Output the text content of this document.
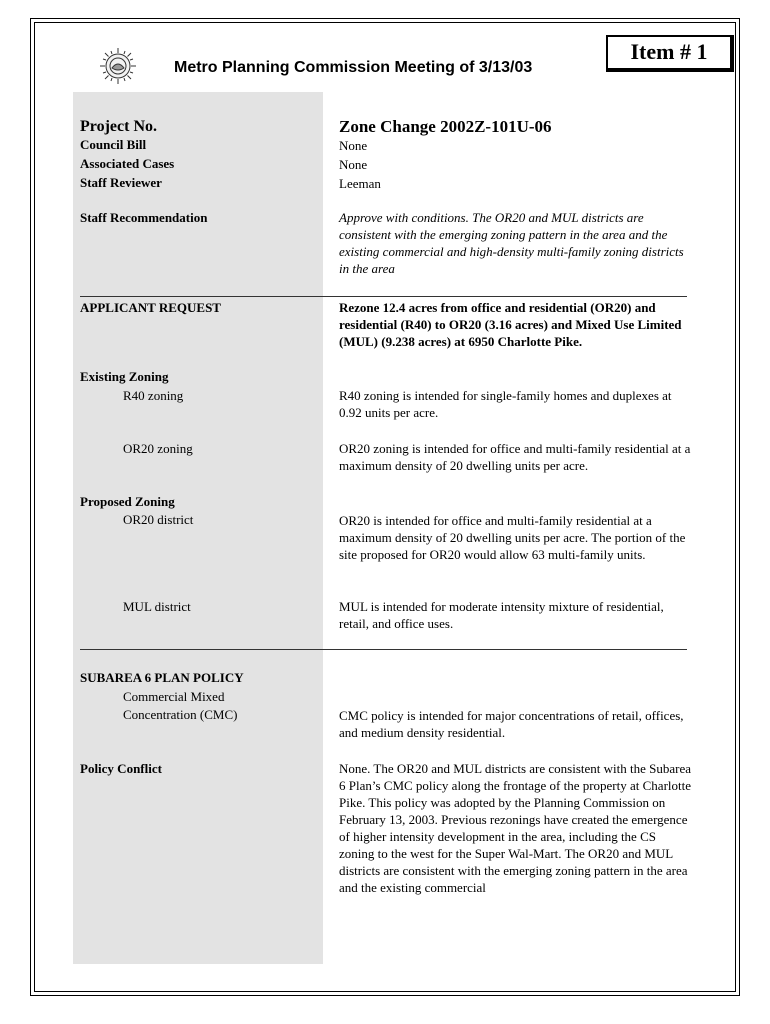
Metro Planning Commission Meeting of 3/13/03
Item # 1
Project No.	Zone Change 2002Z-101U-06
Council Bill	None
Associated Cases	None
Staff Reviewer	Leeman
Staff Recommendation	Approve with conditions. The OR20 and MUL districts are consistent with the emerging zoning pattern in the area and the existing commercial and high-density multi-family zoning districts in the area
APPLICANT REQUEST	Rezone 12.4 acres from office and residential (OR20) and residential (R40) to OR20 (3.16 acres) and Mixed Use Limited (MUL) (9.238 acres) at 6950 Charlotte Pike.
Existing Zoning
R40 zoning	R40 zoning is intended for single-family homes and duplexes at 0.92 units per acre.
OR20 zoning	OR20 zoning is intended for office and multi-family residential at a maximum density of 20 dwelling units per acre.
Proposed Zoning
OR20 district	OR20 is intended for office and multi-family residential at a maximum density of 20 dwelling units per acre. The portion of the site proposed for OR20 would allow 63 multi-family units.
MUL district	MUL is intended for moderate intensity mixture of residential, retail, and office uses.
SUBAREA 6 PLAN POLICY
Commercial Mixed
Concentration (CMC)	CMC policy is intended for major concentrations of retail, offices, and medium density residential.
Policy Conflict	None. The OR20 and MUL districts are consistent with the Subarea 6 Plan’s CMC policy along the frontage of the property at Charlotte Pike. This policy was adopted by the Planning Commission on February 13, 2003. Previous rezonings have created the emergence of higher intensity development in the area, including the CS zoning to the west for the Super Wal-Mart. The OR20 and MUL districts are consistent with the emerging zoning pattern in the area and the existing commercial
